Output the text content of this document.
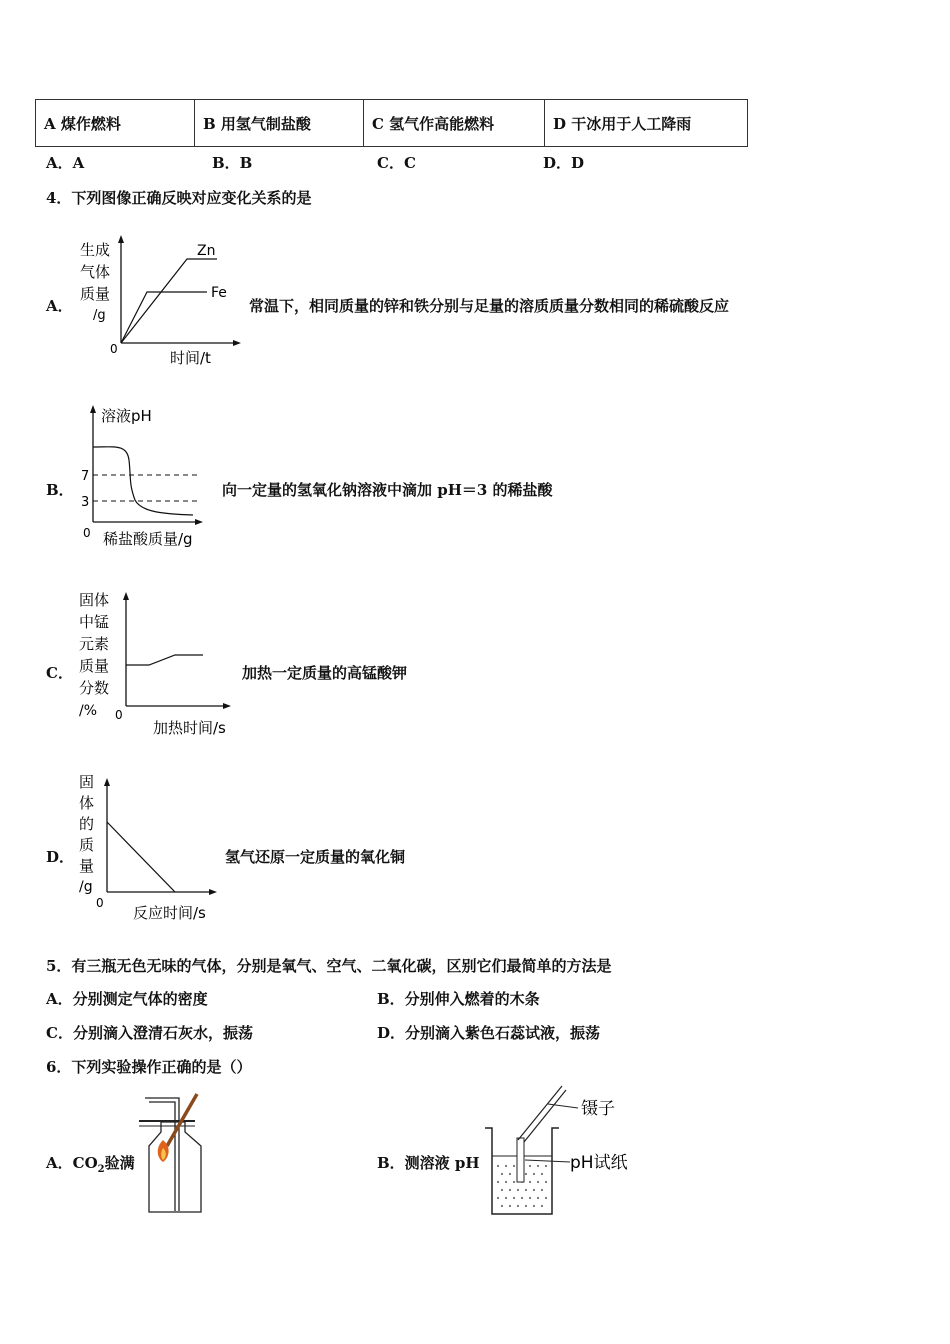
A 煤作燃料	B 用氢气制盐酸	C 氢气作高能燃料	D 干冰用于人工降雨
A．A	B．B	C．C	D．D
4．下列图像正确反映对应变化关系的是
A．
生成
气体
质量
/g
Zn
Fe
0	时间/t
常温下，相同质量的锌和铁分别与足量的溶质质量分数相同的稀硫酸反应
B．
溶液pH
7
3
0 稀盐酸质量/g
向一定量的氢氧化钠溶液中滴加 pH＝3 的稀盐酸
C．
固体
中锰
元素
质量
分数
/% 0
加热时间/s
加热一定质量的高锰酸钾
D．
固
体
的
质
量
/g
0
反应时间/s
氢气还原一定质量的氧化铜
5．有三瓶无色无味的气体，分别是氧气、空气、二氧化碳，区别它们最简单的方法是
A．分别测定气体的密度	B．分别伸入燃着的木条
C．分别滴入澄清石灰水，振荡	D．分别滴入紫色石蕊试液，振荡
6．下列实验操作正确的是（）
A．$CO_2$验满	B．测溶液 pH
镊子
pH试纸
